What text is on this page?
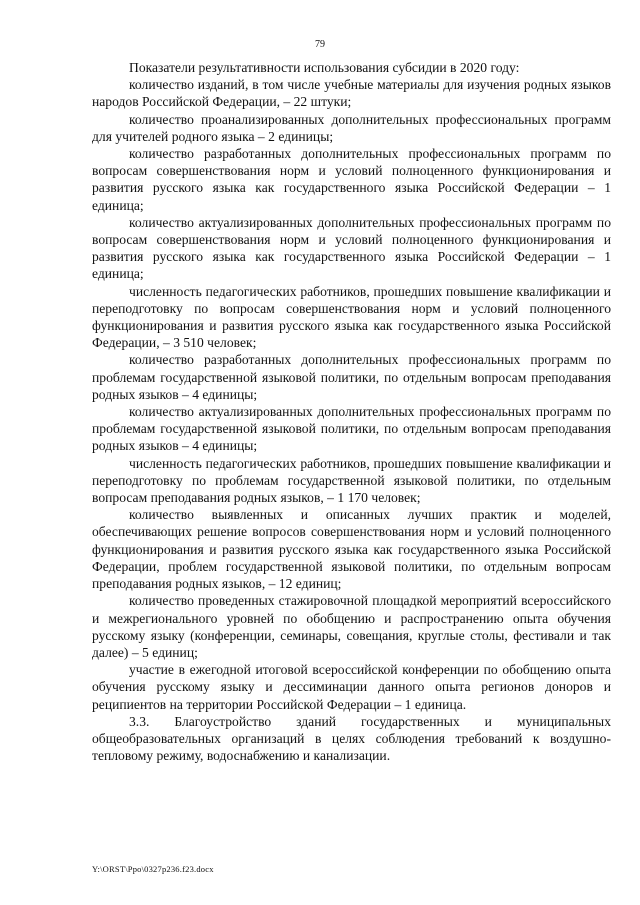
79

Показатели результативности использования субсидии в 2020 году:

количество изданий, в том числе учебные материалы для изучения родных языков народов Российской Федерации, – 22 штуки;

количество проанализированных дополнительных профессиональных программ для учителей родного языка – 2 единицы;

количество разработанных дополнительных профессиональных программ по вопросам совершенствования норм и условий полноценного функционирования и развития русского языка как государственного языка Российской Федерации – 1 единица;

количество актуализированных дополнительных профессиональных программ по вопросам совершенствования норм и условий полноценного функционирования и развития русского языка как государственного языка Российской Федерации – 1 единица;

численность педагогических работников, прошедших повышение квалификации и переподготовку по вопросам совершенствования норм и условий полноценного функционирования и развития русского языка как государственного языка Российской Федерации, – 3 510 человек;

количество разработанных дополнительных профессиональных программ по проблемам государственной языковой политики, по отдельным вопросам преподавания родных языков – 4 единицы;

количество актуализированных дополнительных профессиональных программ по проблемам государственной языковой политики, по отдельным вопросам преподавания родных языков – 4 единицы;

численность педагогических работников, прошедших повышение квалификации и переподготовку по проблемам государственной языковой политики, по отдельным вопросам преподавания родных языков, – 1 170 человек;

количество выявленных и описанных лучших практик и моделей, обеспечивающих решение вопросов совершенствования норм и условий полноценного функционирования и развития русского языка как государственного языка Российской Федерации, проблем государственной языковой политики, по отдельным вопросам преподавания родных языков, – 12 единиц;

количество проведенных стажировочной площадкой мероприятий всероссийского и межрегионального уровней по обобщению и распространению опыта обучения русскому языку (конференции, семинары, совещания, круглые столы, фестивали и так далее) – 5 единиц;

участие в ежегодной итоговой всероссийской конференции по обобщению опыта обучения русскому языку и дессиминации данного опыта регионов доноров и реципиентов на территории Российской Федерации – 1 единица.

3.3. Благоустройство зданий государственных и муниципальных общеобразовательных организаций в целях соблюдения требований к воздушно-тепловому режиму, водоснабжению и канализации.

Y:\ORST\Ppo\0327p236.f23.docx
